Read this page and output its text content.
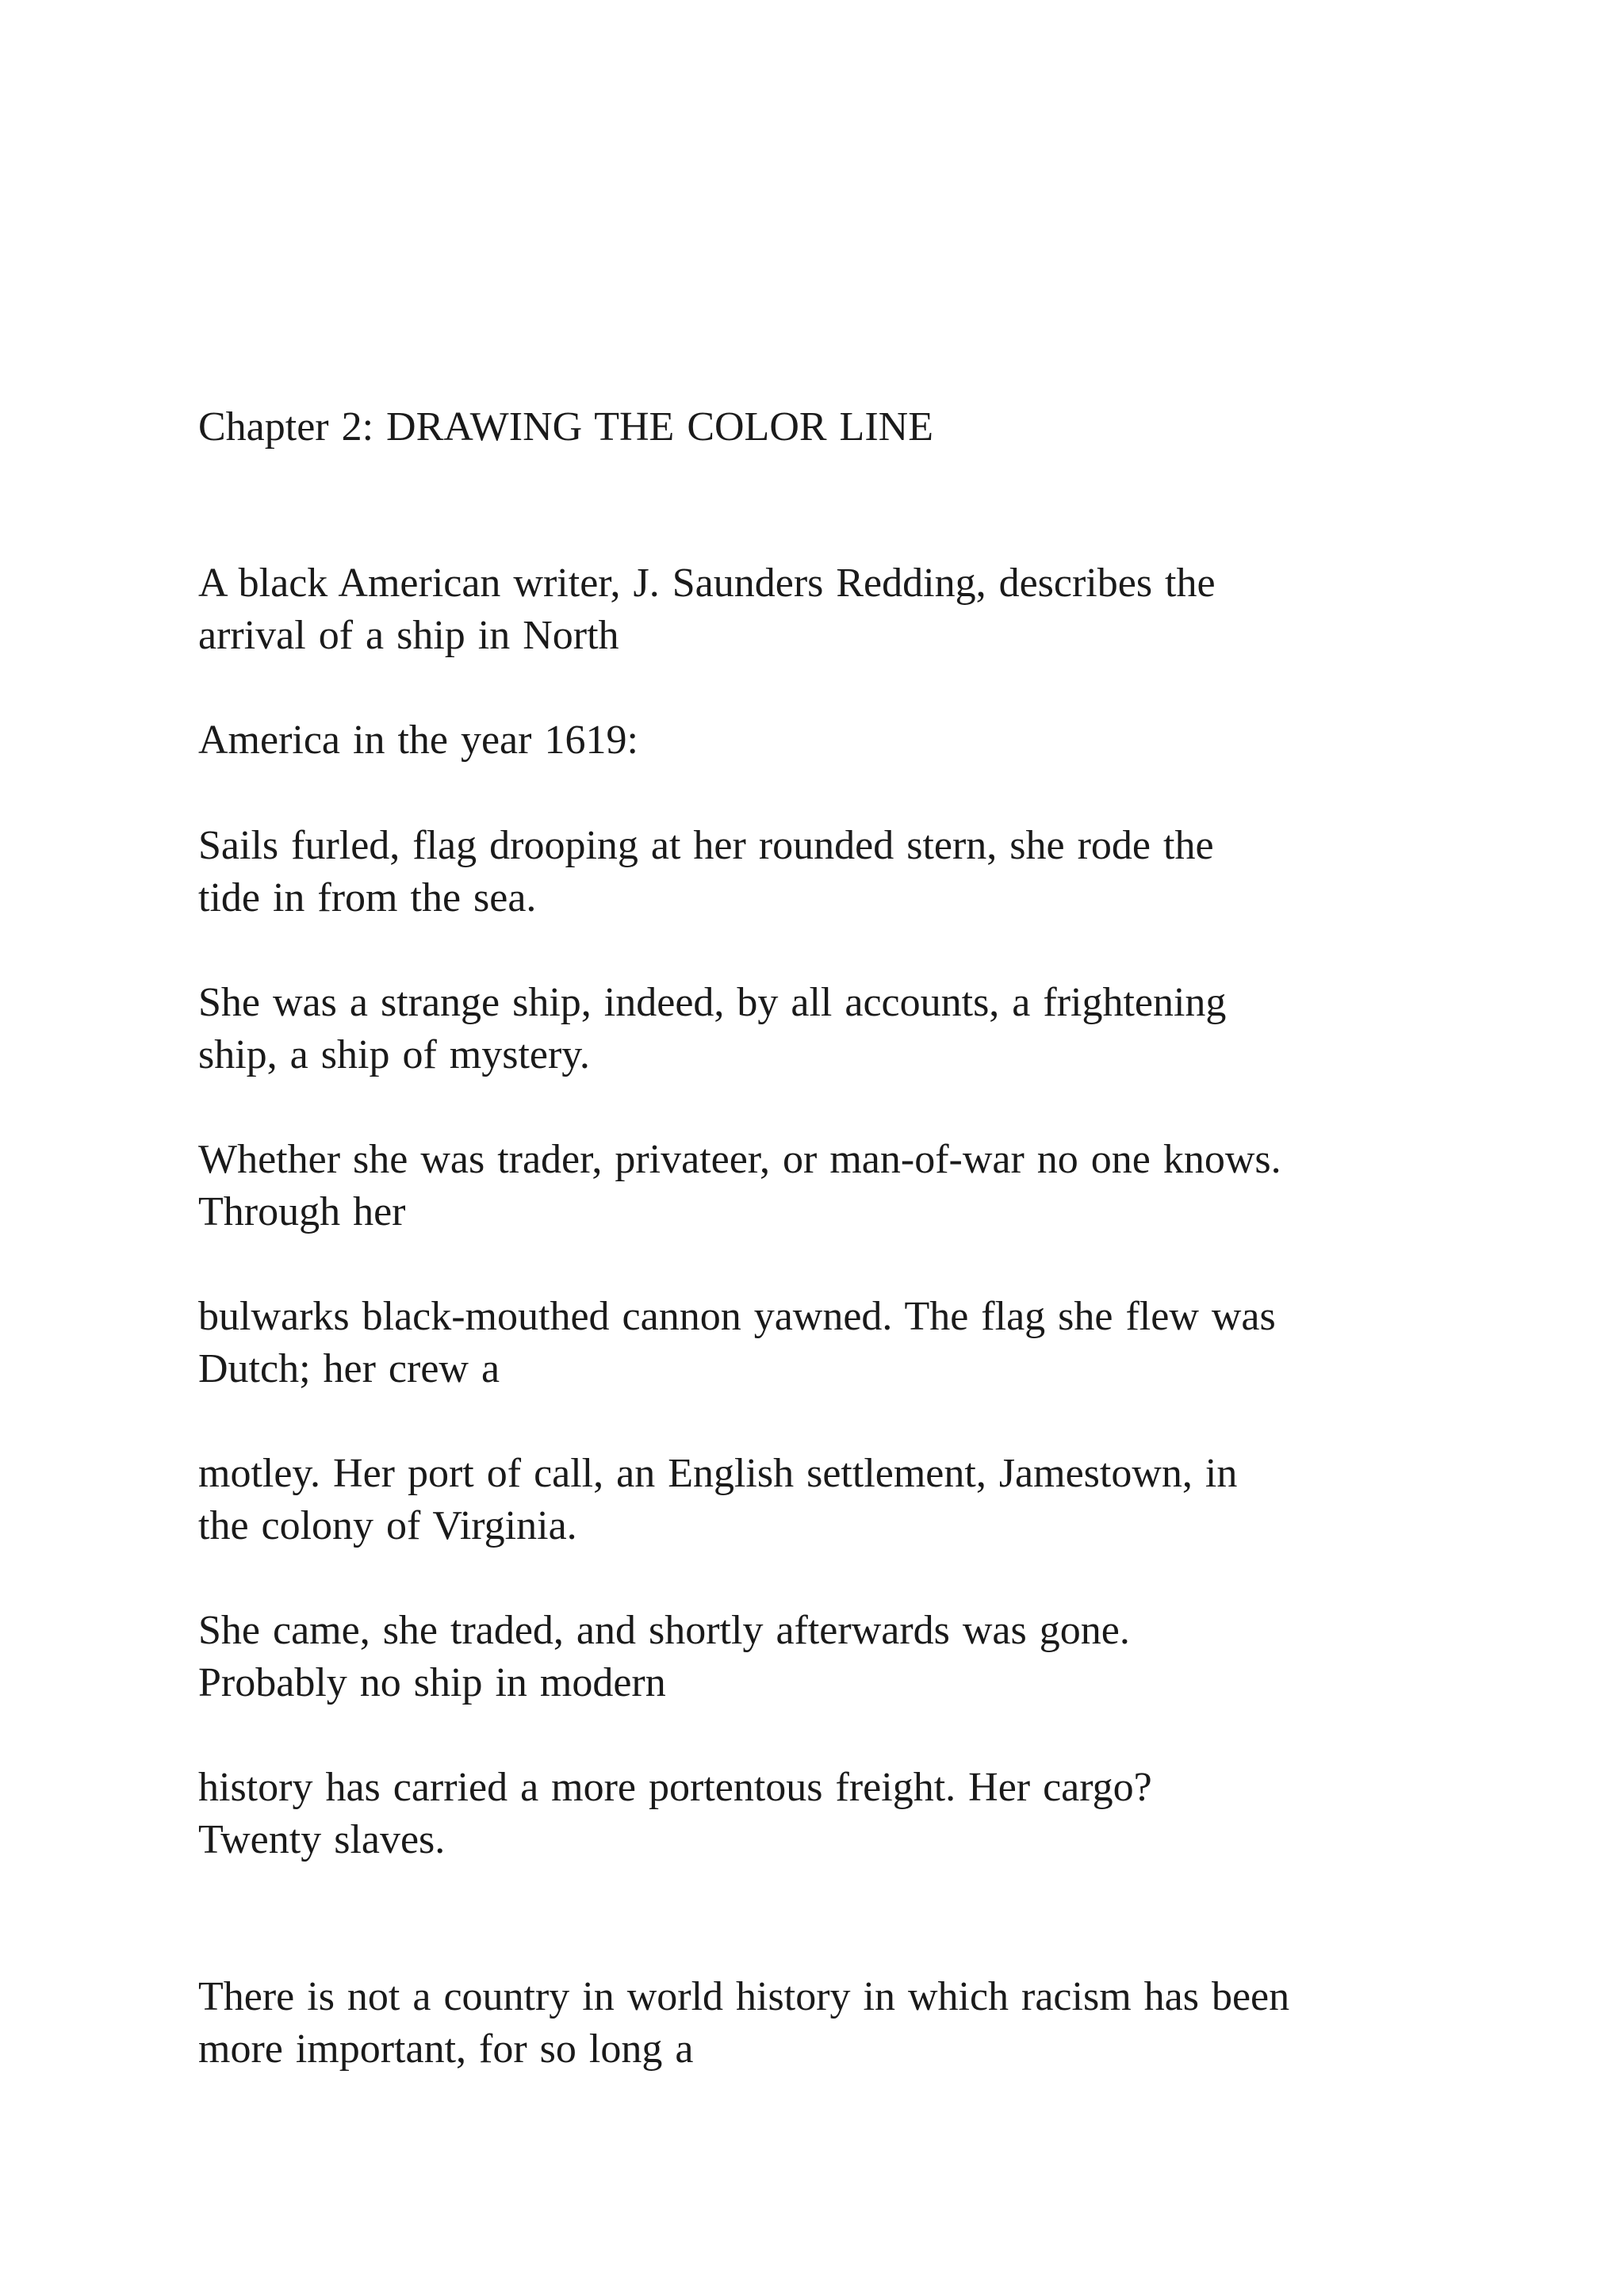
Chapter 2: DRAWING THE COLOR LINE

A black American writer, J. Saunders Redding, describes the

arrival of a ship in North

America in the year 1619:

Sails furled, flag drooping at her rounded stern, she rode the

tide in from the sea.

She was a strange ship, indeed, by all accounts, a frightening

ship, a ship of mystery.

Whether she was trader, privateer, or man-of-war no one knows.

Through her

bulwarks black-mouthed cannon yawned. The flag she flew was

Dutch; her crew a

motley. Her port of call, an English settlement, Jamestown, in

the colony of Virginia.

She came, she traded, and shortly afterwards was gone.

Probably no ship in modern

history has carried a more portentous freight. Her cargo?

Twenty slaves.

There is not a country in world history in which racism has been

more important, for so long a
